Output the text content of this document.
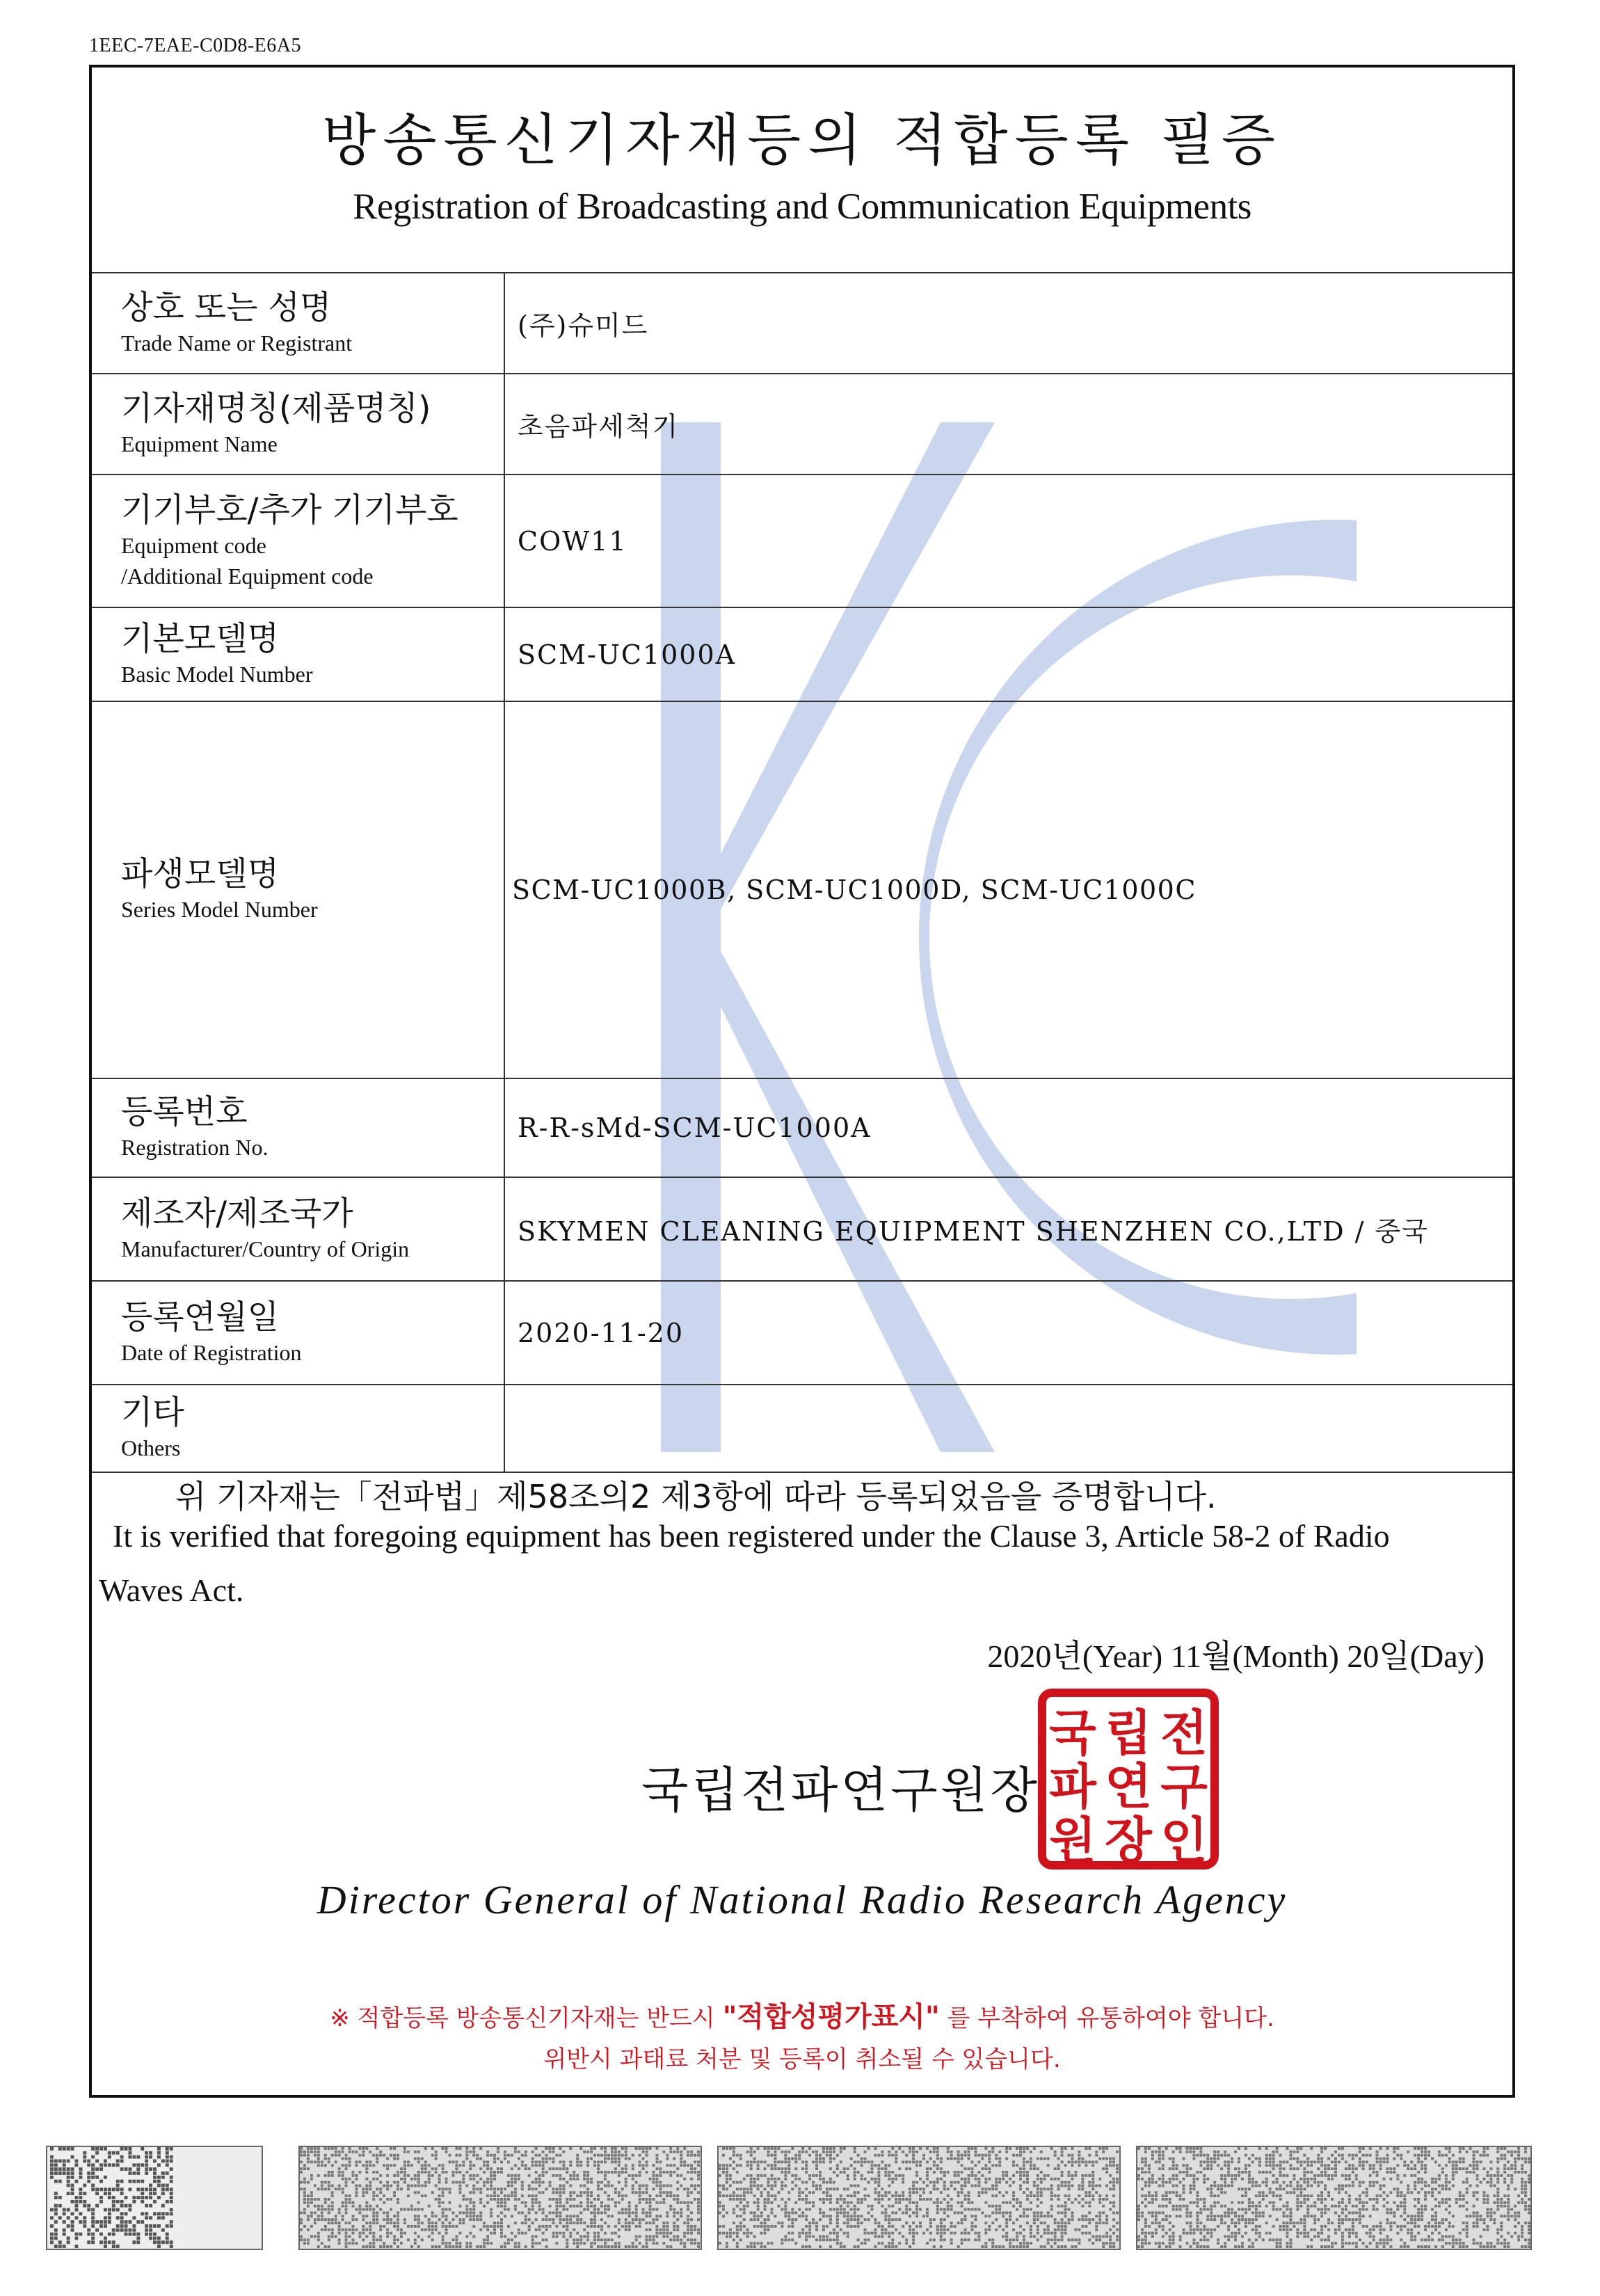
1EEC-7EAE-C0D8-E6A5
방송통신기자재등의 적합등록 필증
Registration of Broadcasting and Communication Equipments
상호 또는 성명
Trade Name or Registrant
(주)슈미드
기자재명칭(제품명칭)
Equipment Name
초음파세척기
기기부호/추가 기기부호
Equipment code
/Additional Equipment code
COW11
기본모델명
Basic Model Number
SCM-UC1000A
파생모델명
Series Model Number
SCM-UC1000B, SCM-UC1000D, SCM-UC1000C
등록번호
Registration No.
R-R-sMd-SCM-UC1000A
제조자/제조국가
Manufacturer/Country of Origin
SKYMEN CLEANING EQUIPMENT SHENZHEN CO.,LTD / 중국
등록연월일
Date of Registration
2020-11-20
기타
Others
위 기자재는「전파법」제58조의2 제3항에 따라 등록되었음을 증명합니다.
It is verified that foregoing equipment has been registered under the Clause 3, Article 58-2 of Radio
Waves Act.
2020년(Year) 11월(Month) 20일(Day)
국립전파연구원장
국 립 전
파 연 구
원 장 인
Director General of National Radio Research Agency
※ 적합등록 방송통신기자재는 반드시 "적합성평가표시" 를 부착하여 유통하여야 합니다.
위반시 과태료 처분 및 등록이 취소될 수 있습니다.
